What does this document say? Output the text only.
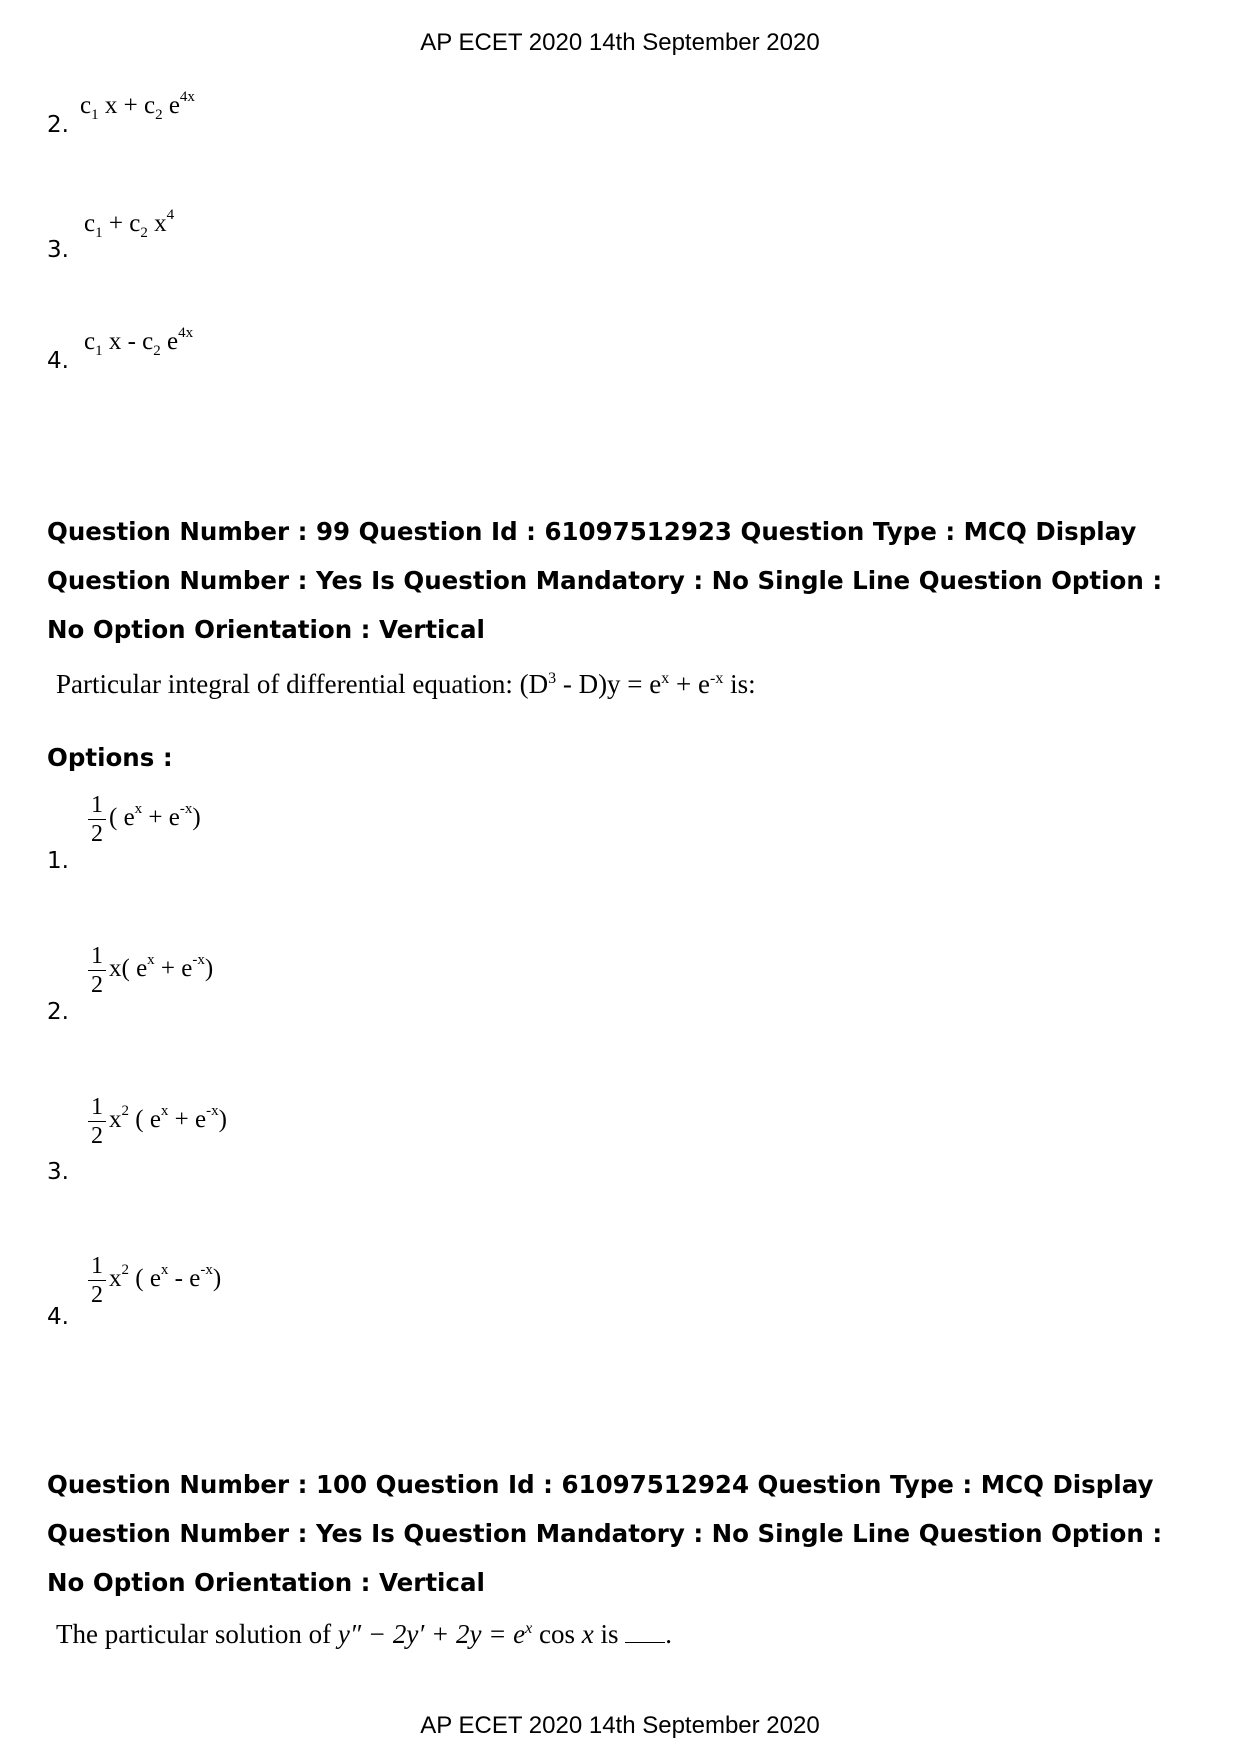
AP ECET 2020 14th September 2020
2.
$c_1$ $x + c_2$ $e^{4x}$
3.
$c_1 + c_2$ $x^4$
4.
$c_1$ x - $c_2$ $e^{4x}$
Question Number : 99 Question Id : 61097512923 Question Type : MCQ Display Question Number : Yes Is Question Mandatory : No Single Line Question Option : No Option Orientation : Vertical
Particular integral of differential equation: $(D^3 - D)y = e^x + e^{-x}$ is:
Options :
1.
$\frac{1}{2}$ ( $e^x + e^{-x}$)
2.
$\frac{1}{2} x$( $e^x + e^{-x}$)
3.
$\frac{1}{2} x^2$ ( $e^x + e^{-x}$)
4.
$\frac{1}{2} x^2$ ( $e^x - e^{-x}$)
Question Number : 100 Question Id : 61097512924 Question Type : MCQ Display Question Number : Yes Is Question Mandatory : No Single Line Question Option : No Option Orientation : Vertical
The particular solution of $y'' - 2y' + 2y = e^x$ cos x is .
AP ECET 2020 14th September 2020
